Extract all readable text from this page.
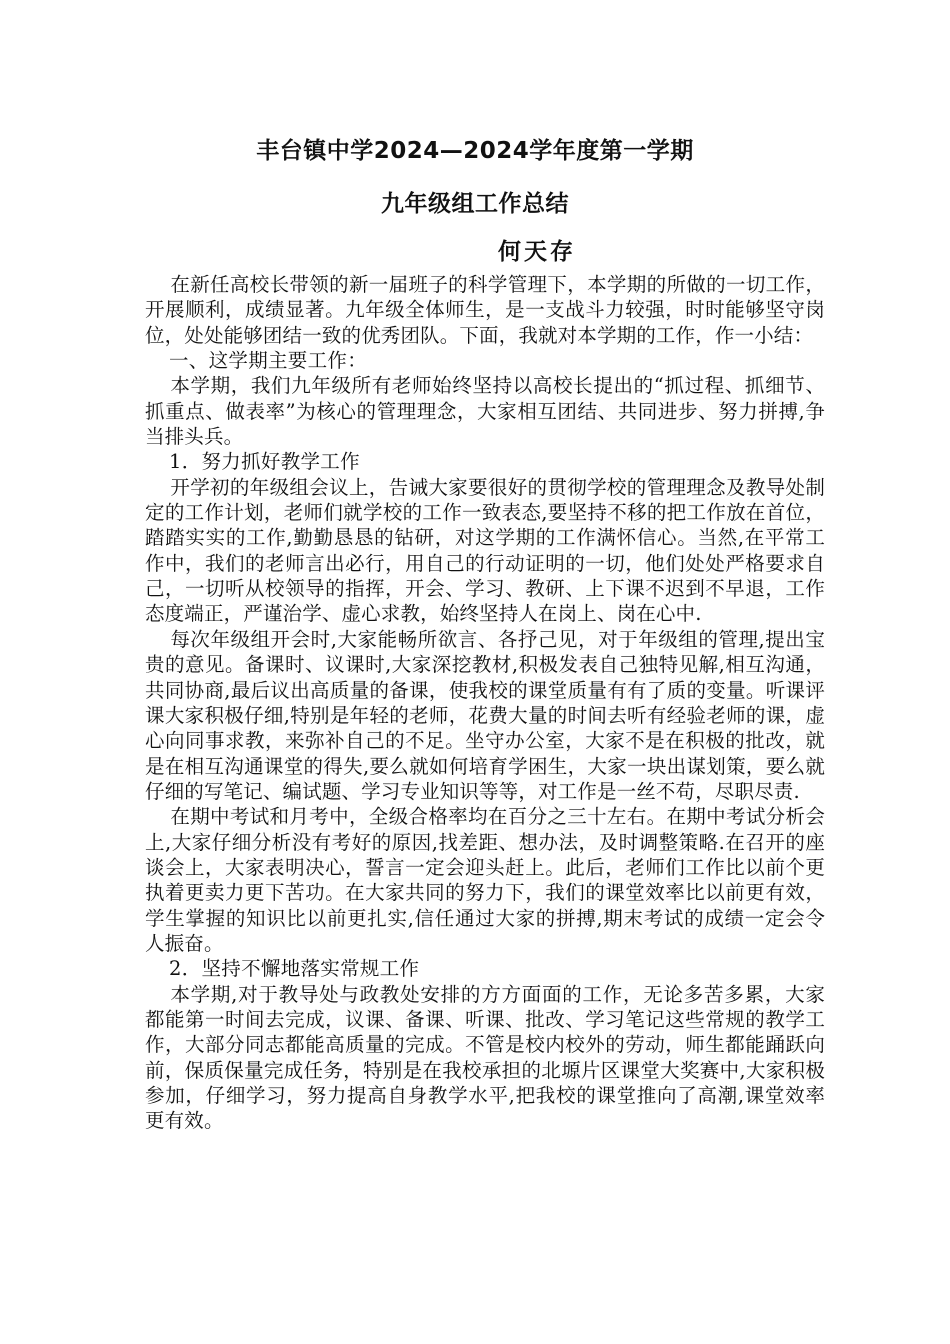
丰台镇中学2024—2024学年度第一学期
九年级组工作总结
何天存

在新任高校长带领的新一届班子的科学管理下，本学期的所做的一切工作，开展顺利，成绩显著。九年级全体师生，是一支战斗力较强，时时能够坚守岗位，处处能够团结一致的优秀团队。下面，我就对本学期的工作，作一小结：

一、这学期主要工作：

本学期，我们九年级所有老师始终坚持以高校长提出的“抓过程、抓细节、抓重点、做表率”为核心的管理理念，大家相互团结、共同进步、努力拼搏,争当排头兵。

1．努力抓好教学工作

开学初的年级组会议上，告诫大家要很好的贯彻学校的管理理念及教导处制定的工作计划，老师们就学校的工作一致表态,要坚持不移的把工作放在首位，踏踏实实的工作,勤勤恳恳的钻研，对这学期的工作满怀信心。当然,在平常工作中，我们的老师言出必行，用自己的行动证明的一切，他们处处严格要求自己，一切听从校领导的指挥，开会、学习、教研、上下课不迟到不早退，工作态度端正，严谨治学、虚心求教，始终坚持人在岗上、岗在心中.

每次年级组开会时,大家能畅所欲言、各抒己见，对于年级组的管理,提出宝贵的意见。备课时、议课时,大家深挖教材,积极发表自己独特见解,相互沟通，共同协商,最后议出高质量的备课，使我校的课堂质量有有了质的变量。听课评课大家积极仔细,特别是年轻的老师，花费大量的时间去听有经验老师的课，虚心向同事求教，来弥补自己的不足。坐守办公室，大家不是在积极的批改，就是在相互沟通课堂的得失,要么就如何培育学困生，大家一块出谋划策，要么就仔细的写笔记、编试题、学习专业知识等等，对工作是一丝不苟，尽职尽责.

在期中考试和月考中，全级合格率均在百分之三十左右。在期中考试分析会上,大家仔细分析没有考好的原因,找差距、想办法，及时调整策略.在召开的座谈会上，大家表明决心，誓言一定会迎头赶上。此后，老师们工作比以前个更执着更卖力更下苦功。在大家共同的努力下，我们的课堂效率比以前更有效，学生掌握的知识比以前更扎实,信任通过大家的拼搏,期末考试的成绩一定会令人振奋。

2．坚持不懈地落实常规工作

本学期,对于教导处与政教处安排的方方面面的工作，无论多苦多累，大家都能第一时间去完成，议课、备课、听课、批改、学习笔记这些常规的教学工作，大部分同志都能高质量的完成。不管是校内校外的劳动，师生都能踊跃向前，保质保量完成任务，特别是在我校承担的北塬片区课堂大奖赛中,大家积极参加，仔细学习，努力提高自身教学水平,把我校的课堂推向了高潮,课堂效率更有效。
